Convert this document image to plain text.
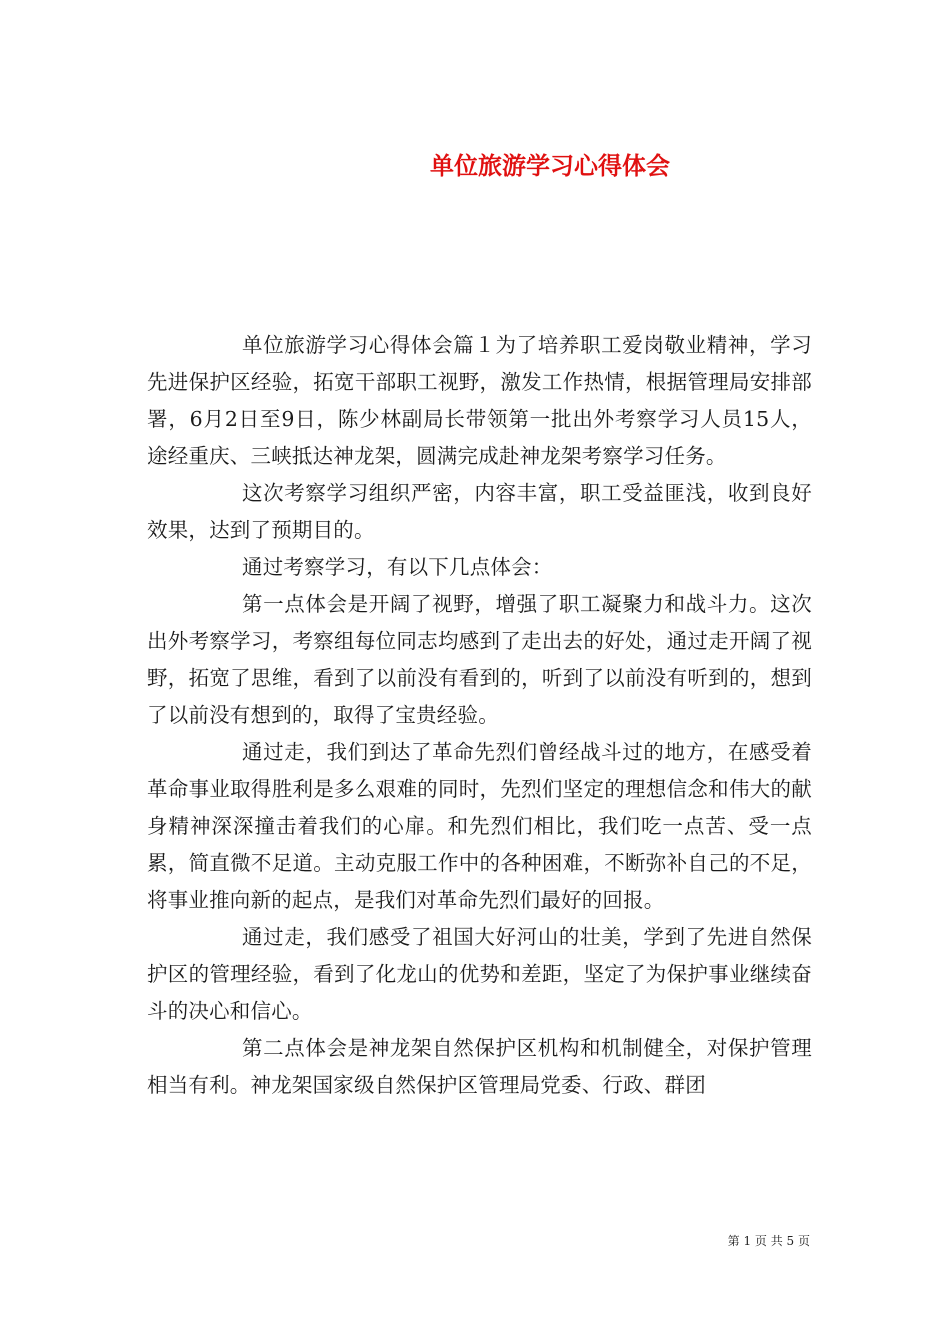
单位旅游学习心得体会

单位旅游学习心得体会篇１为了培养职工爱岗敬业精神，学习先进保护区经验，拓宽干部职工视野，激发工作热情，根据管理局安排部署，6月2日至9日，陈少林副局长带领第一批出外考察学习人员15人，途经重庆、三峡抵达神龙架，圆满完成赴神龙架考察学习任务。

这次考察学习组织严密，内容丰富，职工受益匪浅，收到良好效果，达到了预期目的。

通过考察学习，有以下几点体会：

第一点体会是开阔了视野，增强了职工凝聚力和战斗力。这次出外考察学习，考察组每位同志均感到了走出去的好处，通过走开阔了视野，拓宽了思维，看到了以前没有看到的，听到了以前没有听到的，想到了以前没有想到的，取得了宝贵经验。

通过走，我们到达了革命先烈们曾经战斗过的地方，在感受着革命事业取得胜利是多么艰难的同时，先烈们坚定的理想信念和伟大的献身精神深深撞击着我们的心扉。和先烈们相比，我们吃一点苦、受一点累，简直微不足道。主动克服工作中的各种困难，不断弥补自己的不足，将事业推向新的起点，是我们对革命先烈们最好的回报。

通过走，我们感受了祖国大好河山的壮美，学到了先进自然保护区的管理经验，看到了化龙山的优势和差距，坚定了为保护事业继续奋斗的决心和信心。

第二点体会是神龙架自然保护区机构和机制健全，对保护管理相当有利。神龙架国家级自然保护区管理局党委、行政、群团

第 1 页 共 5 页
